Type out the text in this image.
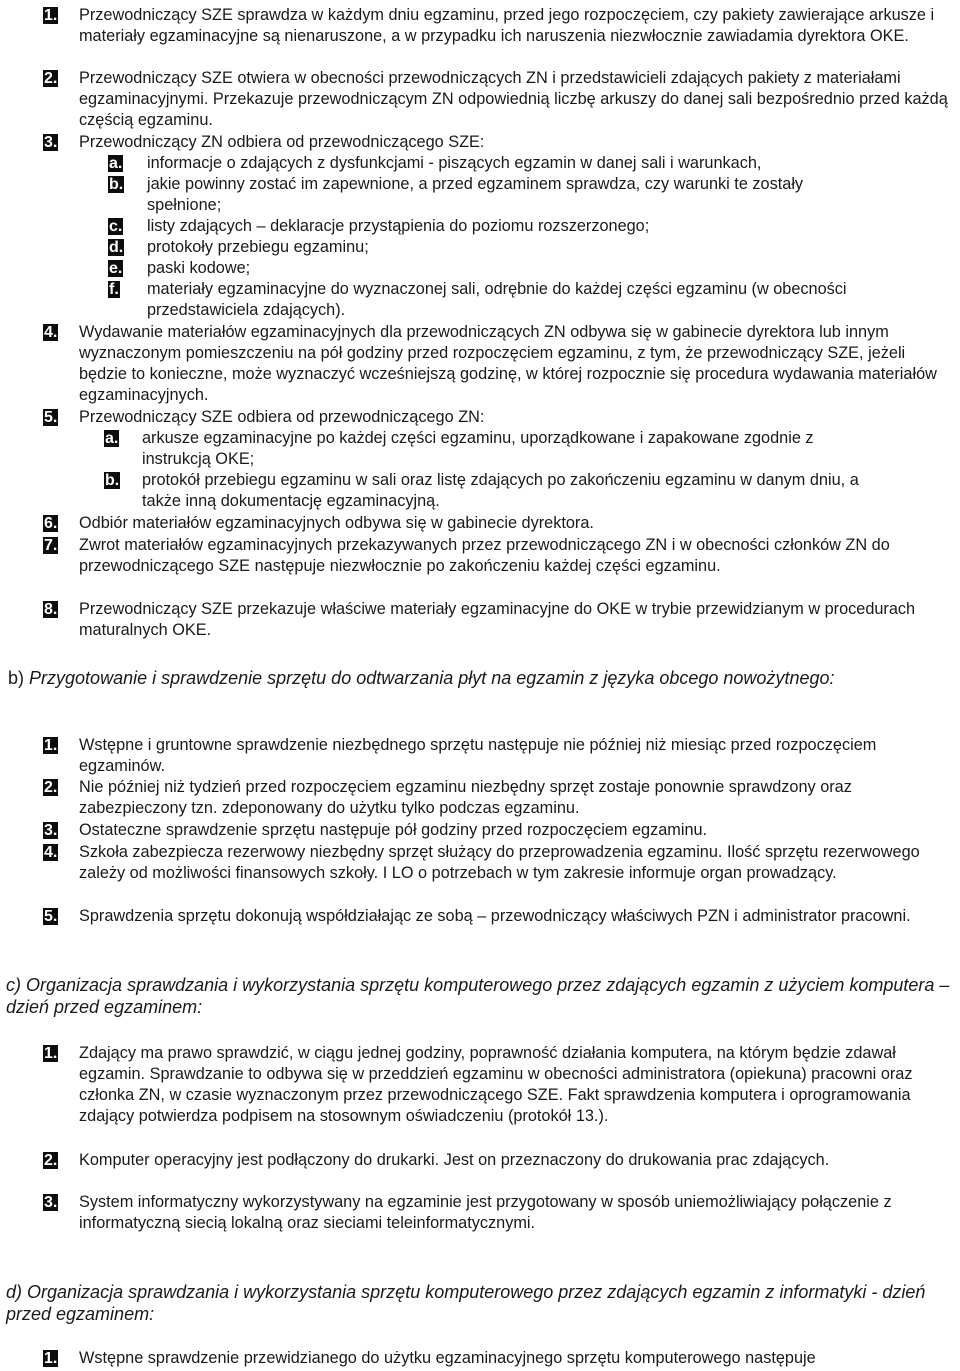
1. Przewodniczący SZE sprawdza w każdym dniu egzaminu, przed jego rozpoczęciem, czy pakiety zawierające arkusze i materiały egzaminacyjne są nienaruszone, a w przypadku ich naruszenia niezwłocznie zawiadamia dyrektora OKE.
2. Przewodniczący SZE otwiera w obecności przewodniczących ZN i przedstawicieli zdających pakiety z materiałami egzaminacyjnymi. Przekazuje przewodniczącym ZN odpowiednią liczbę arkuszy do danej sali bezpośrednio przed każdą częścią egzaminu.
3. Przewodniczący ZN odbiera od przewodniczącego SZE:
a. informacje o zdających z dysfunkcjami - piszących egzamin w danej sali i warunkach,
b. jakie powinny zostać im zapewnione, a przed egzaminem sprawdza, czy warunki te zostały spełnione;
c. listy zdających – deklaracje przystąpienia do poziomu rozszerzonego;
d. protokoły przebiegu egzaminu;
e. paski kodowe;
f. materiały egzaminacyjne do wyznaczonej sali, odrębnie do każdej części egzaminu (w obecności przedstawiciela zdających).
4. Wydawanie materiałów egzaminacyjnych dla przewodniczących ZN odbywa się w gabinecie dyrektora lub innym wyznaczonym pomieszczeniu na pół godziny przed rozpoczęciem egzaminu, z tym, że przewodniczący SZE, jeżeli będzie to konieczne, może wyznaczyć wcześniejszą godzinę, w której rozpocznie się procedura wydawania materiałów egzaminacyjnych.
5. Przewodniczący SZE odbiera od przewodniczącego ZN:
a. arkusze egzaminacyjne po każdej części egzaminu, uporządkowane i zapakowane zgodnie z instrukcją OKE;
b. protokół przebiegu egzaminu w sali oraz listę zdających po zakończeniu egzaminu w danym dniu, a także inną dokumentację egzaminacyjną.
6. Odbiór materiałów egzaminacyjnych odbywa się w gabinecie dyrektora.
7. Zwrot materiałów egzaminacyjnych przekazywanych przez przewodniczącego ZN i w obecności członków ZN do przewodniczącego SZE następuje niezwłocznie po zakończeniu każdej części egzaminu.
8. Przewodniczący SZE przekazuje właściwe materiały egzaminacyjne do OKE w trybie przewidzianym w procedurach maturalnych OKE.
b) Przygotowanie i sprawdzenie sprzętu do odtwarzania płyt na egzamin z języka obcego nowożytnego:
1. Wstępne i gruntowne sprawdzenie niezbędnego sprzętu następuje nie później niż miesiąc przed rozpoczęciem egzaminów.
2. Nie później niż tydzień przed rozpoczęciem egzaminu niezbędny sprzęt zostaje ponownie sprawdzony oraz zabezpieczony tzn. zdeponowany do użytku tylko podczas egzaminu.
3. Ostateczne sprawdzenie sprzętu następuje pół godziny przed rozpoczęciem egzaminu.
4. Szkoła zabezpiecza rezerwowy niezbędny sprzęt służący do przeprowadzenia egzaminu. Ilość sprzętu rezerwowego zależy od możliwości finansowych szkoły. I LO o potrzebach w tym zakresie informuje organ prowadzący.
5. Sprawdzenia sprzętu dokonują współdziałając ze sobą – przewodniczący właściwych PZN i administrator pracowni.
c) Organizacja sprawdzania i wykorzystania sprzętu komputerowego przez zdających egzamin z użyciem komputera – dzień przed egzaminem:
1. Zdający ma prawo sprawdzić, w ciągu jednej godziny, poprawność działania komputera, na którym będzie zdawał egzamin. Sprawdzanie to odbywa się w przeddzień egzaminu w obecności administratora (opiekuna) pracowni oraz członka ZN, w czasie wyznaczonym przez przewodniczącego SZE. Fakt sprawdzenia komputera i oprogramowania zdający potwierdza podpisem na stosownym oświadczeniu (protokół 13.).
2. Komputer operacyjny jest podłączony do drukarki. Jest on przeznaczony do drukowania prac zdających.
3. System informatyczny wykorzystywany na egzaminie jest przygotowany w sposób uniemożliwiający połączenie z informatyczną siecią lokalną oraz sieciami teleinformatycznymi.
d) Organizacja sprawdzania i wykorzystania sprzętu komputerowego przez zdających egzamin z informatyki - dzień przed egzaminem:
1. Wstępne sprawdzenie przewidzianego do użytku egzaminacyjnego sprzętu komputerowego następuje
